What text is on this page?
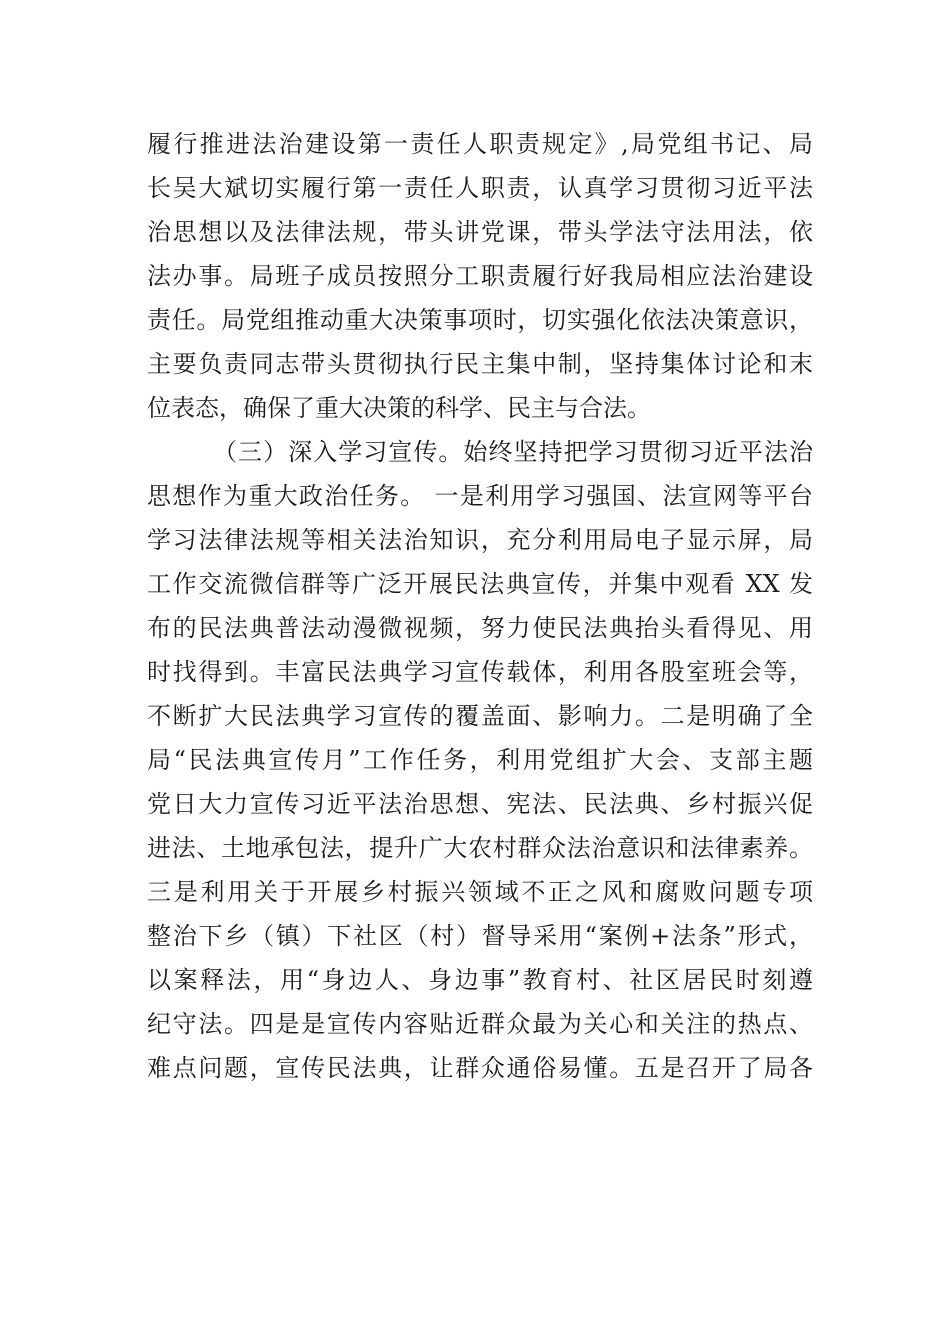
履行推进法治建设第一责任人职责规定》,局党组书记、局
长吴大斌切实履行第一责任人职责，认真学习贯彻习近平法
治思想以及法律法规，带头讲党课，带头学法守法用法，依
法办事。局班子成员按照分工职责履行好我局相应法治建设
责任。局党组推动重大决策事项时，切实强化依法决策意识，
主要负责同志带头贯彻执行民主集中制，坚持集体讨论和末
位表态，确保了重大决策的科学、民主与合法。
（三）深入学习宣传。始终坚持把学习贯彻习近平法治
思想作为重大政治任务。 一是利用学习强国、法宣网等平台
学习法律法规等相关法治知识，充分利用局电子显示屏，局
工作交流微信群等广泛开展民法典宣传，并集中观看 XX 发
布的民法典普法动漫微视频，努力使民法典抬头看得见、用
时找得到。丰富民法典学习宣传载体，利用各股室班会等，
不断扩大民法典学习宣传的覆盖面、影响力。二是明确了全
局“民法典宣传月”工作任务，利用党组扩大会、支部主题
党日大力宣传习近平法治思想、宪法、民法典、乡村振兴促
进法、土地承包法，提升广大农村群众法治意识和法律素养。
三是利用关于开展乡村振兴领域不正之风和腐败问题专项
整治下乡（镇）下社区（村）督导采用“案例+法条”形式，
以案释法，用“身边人、身边事”教育村、社区居民时刻遵
纪守法。四是是宣传内容贴近群众最为关心和关注的热点、
难点问题，宣传民法典，让群众通俗易懂。五是召开了局各
